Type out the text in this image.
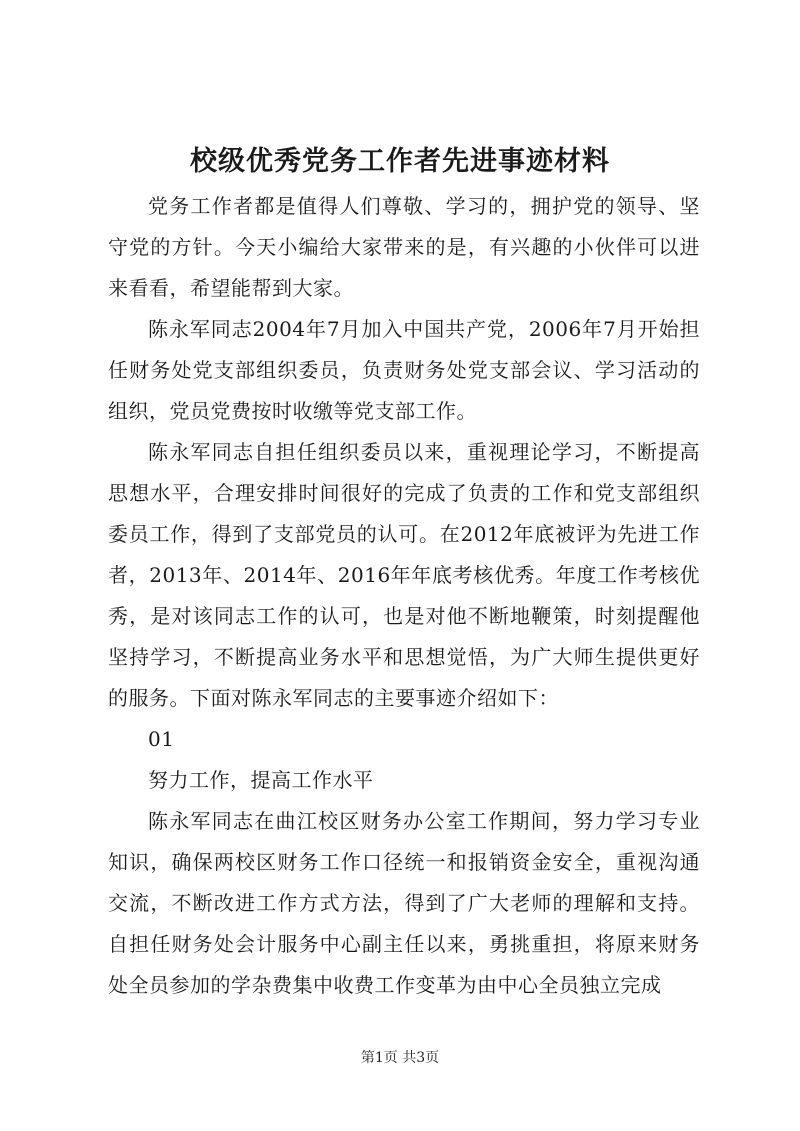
校级优秀党务工作者先进事迹材料

党务工作者都是值得人们尊敬、学习的，拥护党的领导、坚守党的方针。今天小编给大家带来的是，有兴趣的小伙伴可以进来看看，希望能帮到大家。

陈永军同志2004年7月加入中国共产党，2006年7月开始担任财务处党支部组织委员，负责财务处党支部会议、学习活动的组织，党员党费按时收缴等党支部工作。

陈永军同志自担任组织委员以来，重视理论学习，不断提高思想水平，合理安排时间很好的完成了负责的工作和党支部组织委员工作，得到了支部党员的认可。在2012年底被评为先进工作者，2013年、2014年、2016年年底考核优秀。年度工作考核优秀，是对该同志工作的认可，也是对他不断地鞭策，时刻提醒他坚持学习，不断提高业务水平和思想觉悟，为广大师生提供更好的服务。下面对陈永军同志的主要事迹介绍如下：

01

努力工作，提高工作水平

陈永军同志在曲江校区财务办公室工作期间，努力学习专业知识，确保两校区财务工作口径统一和报销资金安全，重视沟通交流，不断改进工作方式方法，得到了广大老师的理解和支持。自担任财务处会计服务中心副主任以来，勇挑重担，将原来财务处全员参加的学杂费集中收费工作变革为由中心全员独立完成

第1页 共3页
